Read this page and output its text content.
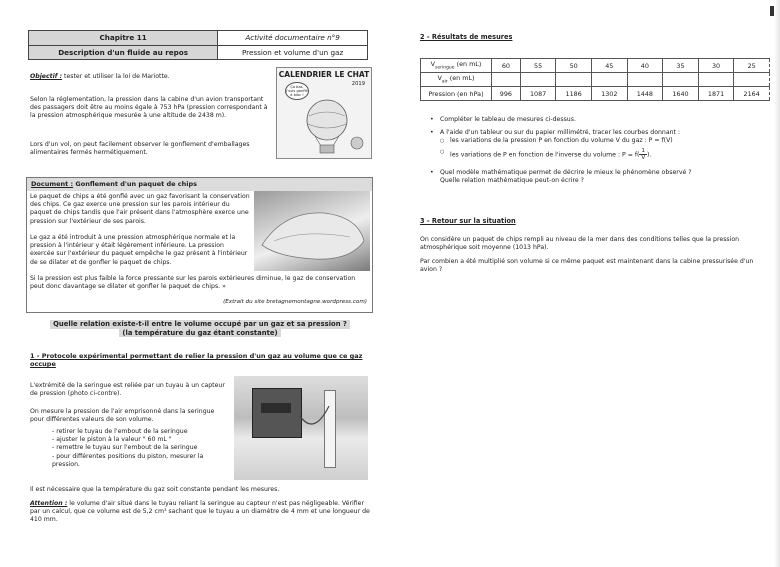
Chapitre 11	Activité documentaire n°9
Description d'un fluide au repos	Pression et volume d'un gaz
Objectif : tester et utiliser la loi de Mariotte.
Selon la réglementation, la pression dans la cabine d'un avion transportant des passagers doit être au moins égale à 753 hPa (pression correspondant à la pression atmosphérique mesurée à une altitude de 2438 m).
Lors d'un vol, on peut facilement observer le gonflement d'emballages alimentaires fermés hermétiquement.
CALENDRIER LE CHAT
2019
Ça bas, j'suis gonflé à bloc !
Document : Gonflement d'un paquet de chips
Le paquet de chips a été gonflé avec un gaz favorisant la conservation des chips. Ce gaz exerce une pression sur les parois intérieur du paquet de chips tandis que l'air présent dans l'atmosphère exerce une pression sur l'extérieur de ses parois.
Le gaz a été introduit à une pression atmosphérique normale et la pression à l'intérieur y était légèrement inférieure. La pression exercée sur l'extérieur du paquet empêche le gaz présent à l'intérieur de se dilater et de gonfler le paquet de chips.
Si la pression est plus faible la force pressante sur les parois extérieures diminue, le gaz de conservation peut donc davantage se dilater et gonfler le paquet de chips. »
(Extrait du site bretagnemontagne.wordpress.com)
Quelle relation existe-t-il entre le volume occupé par un gaz et sa pression ?
(la température du gaz étant constante)
1 - Protocole expérimental permettant de relier la pression d'un gaz au volume que ce gaz
occupe
L'extrémité de la seringue est reliée par un tuyau à un capteur de pression (photo ci-contre).
On mesure la pression de l'air emprisonné dans la seringue pour différentes valeurs de son volume.
- retirer le tuyau de l'embout de la seringue
- ajuster le piston à la valeur " 60 mL "
- remettre le tuyau sur l'embout de la seringue
- pour différentes positions du piston, mesurer la pression.
Il est nécessaire que la température du gaz soit constante pendant les mesures.
Attention : le volume d'air situé dans le tuyau reliant la seringue au capteur n'est pas négligeable. Vérifier par un calcul, que ce volume est de 5,2 cm³ sachant que le tuyau a un diamètre de 4 mm et une longueur de 410 mm.
2 - Résultats de mesures
$V_{seringue}$ (en mL)	60	55	50	45	40	35	30	25
$V_{air}$ (en mL)								
Pression (en hPa)	996	1087	1186	1302	1448	1640	1871	2164
• Compléter le tableau de mesures ci-dessus.
• A l'aide d'un tableur ou sur du papier millimétré, tracer les courbes donnant :
○ les variations de la pression P en fonction du volume V du gaz : P = f(V)
○ les variations de P en fonction de l'inverse du volume : $P = f( \frac{1}{V}$ ).
• Quel modèle mathématique permet de décrire le mieux le phénomène observé ?
Quelle relation mathématique peut-on écrire ?
3 - Retour sur la situation
On considère un paquet de chips rempli au niveau de la mer dans des conditions telles que la pression atmosphérique soit moyenne (1013 hPa).
Par combien a été multiplié son volume si ce même paquet est maintenant dans la cabine pressurisée d'un avion ?
